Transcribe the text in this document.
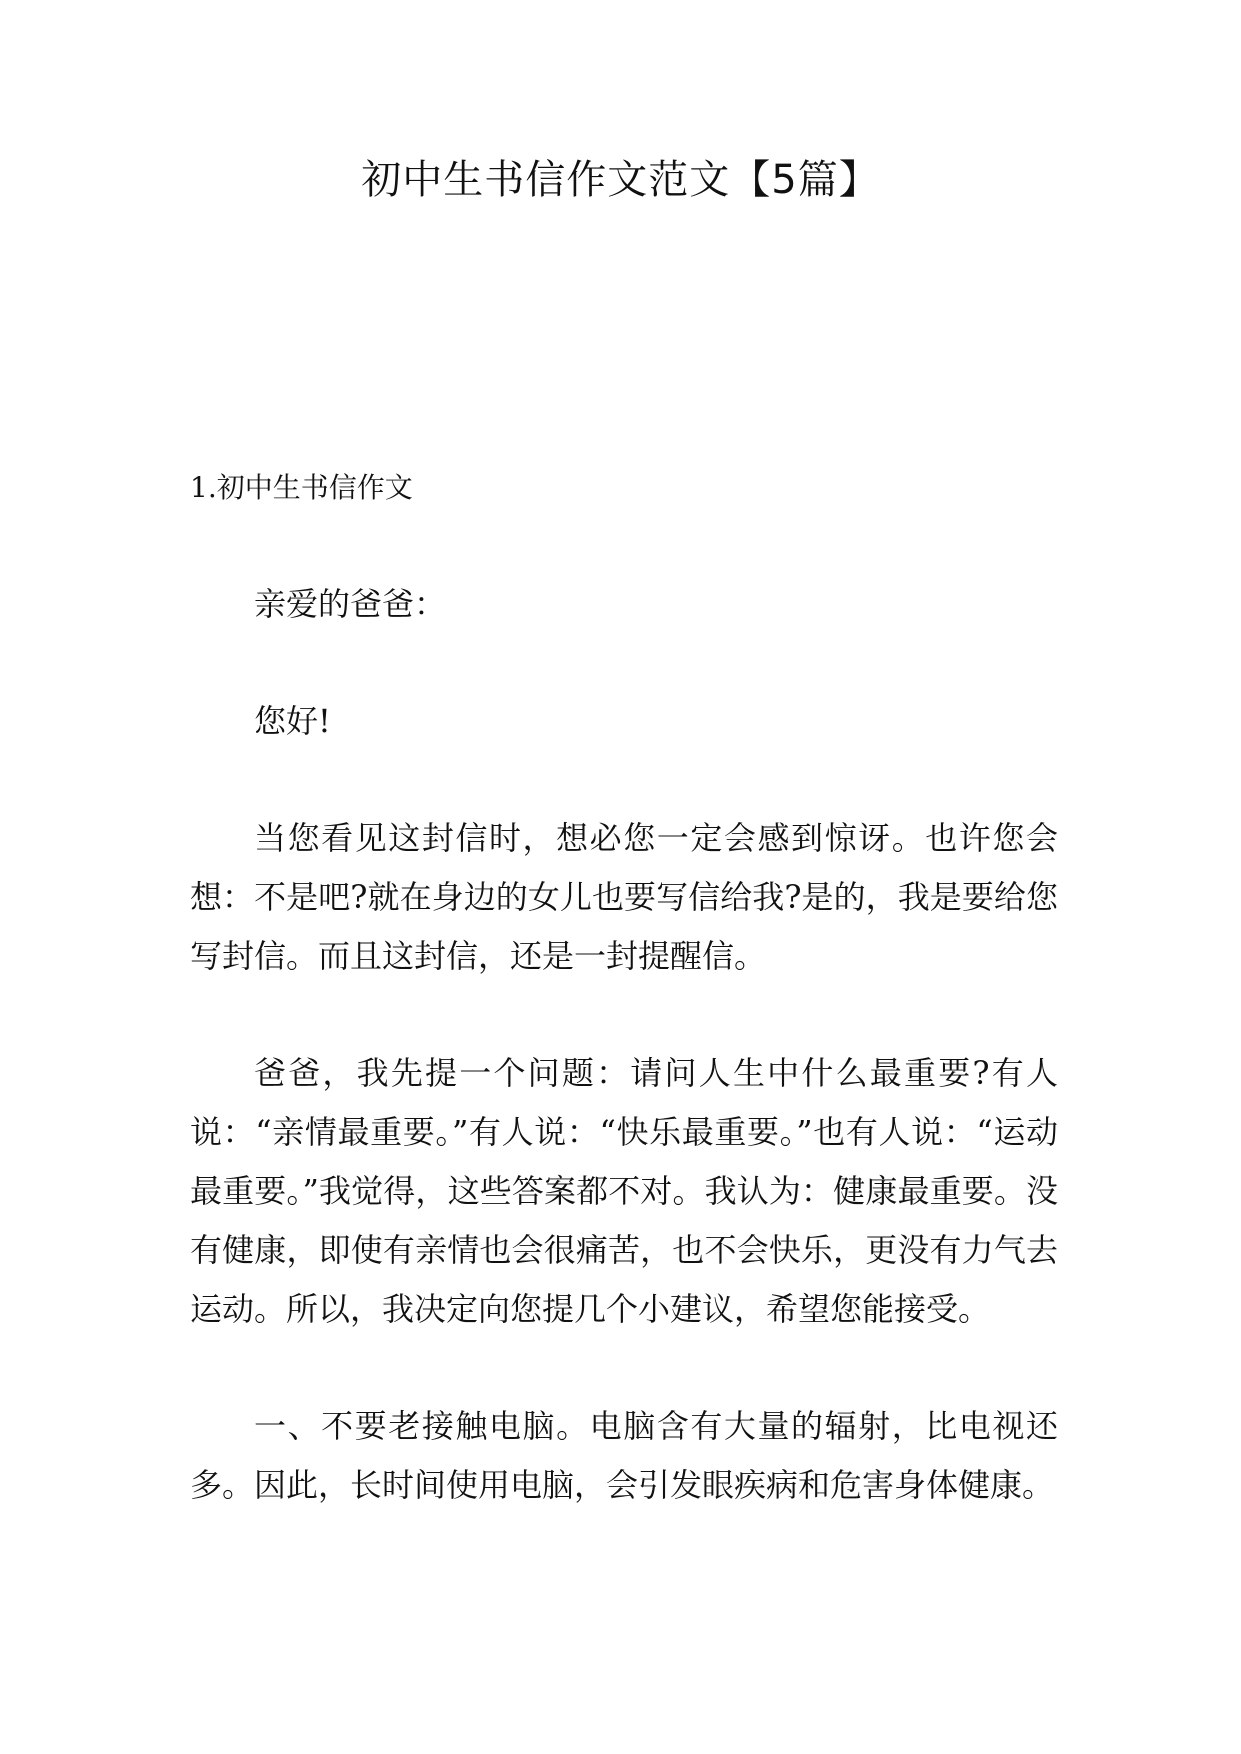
初中生书信作文范文【5篇】

1.初中生书信作文

亲爱的爸爸：

您好!

当您看见这封信时，想必您一定会感到惊讶。也许您会想：不是吧?就在身边的女儿也要写信给我?是的，我是要给您写封信。而且这封信，还是一封提醒信。

爸爸，我先提一个问题：请问人生中什么最重要?有人说：“亲情最重要。”有人说：“快乐最重要。”也有人说：“运动最重要。”我觉得，这些答案都不对。我认为：健康最重要。没有健康，即使有亲情也会很痛苦，也不会快乐，更没有力气去运动。所以，我决定向您提几个小建议，希望您能接受。

一、不要老接触电脑。电脑含有大量的辐射，比电视还多。因此，长时间使用电脑，会引发眼疾病和危害身体健康。
